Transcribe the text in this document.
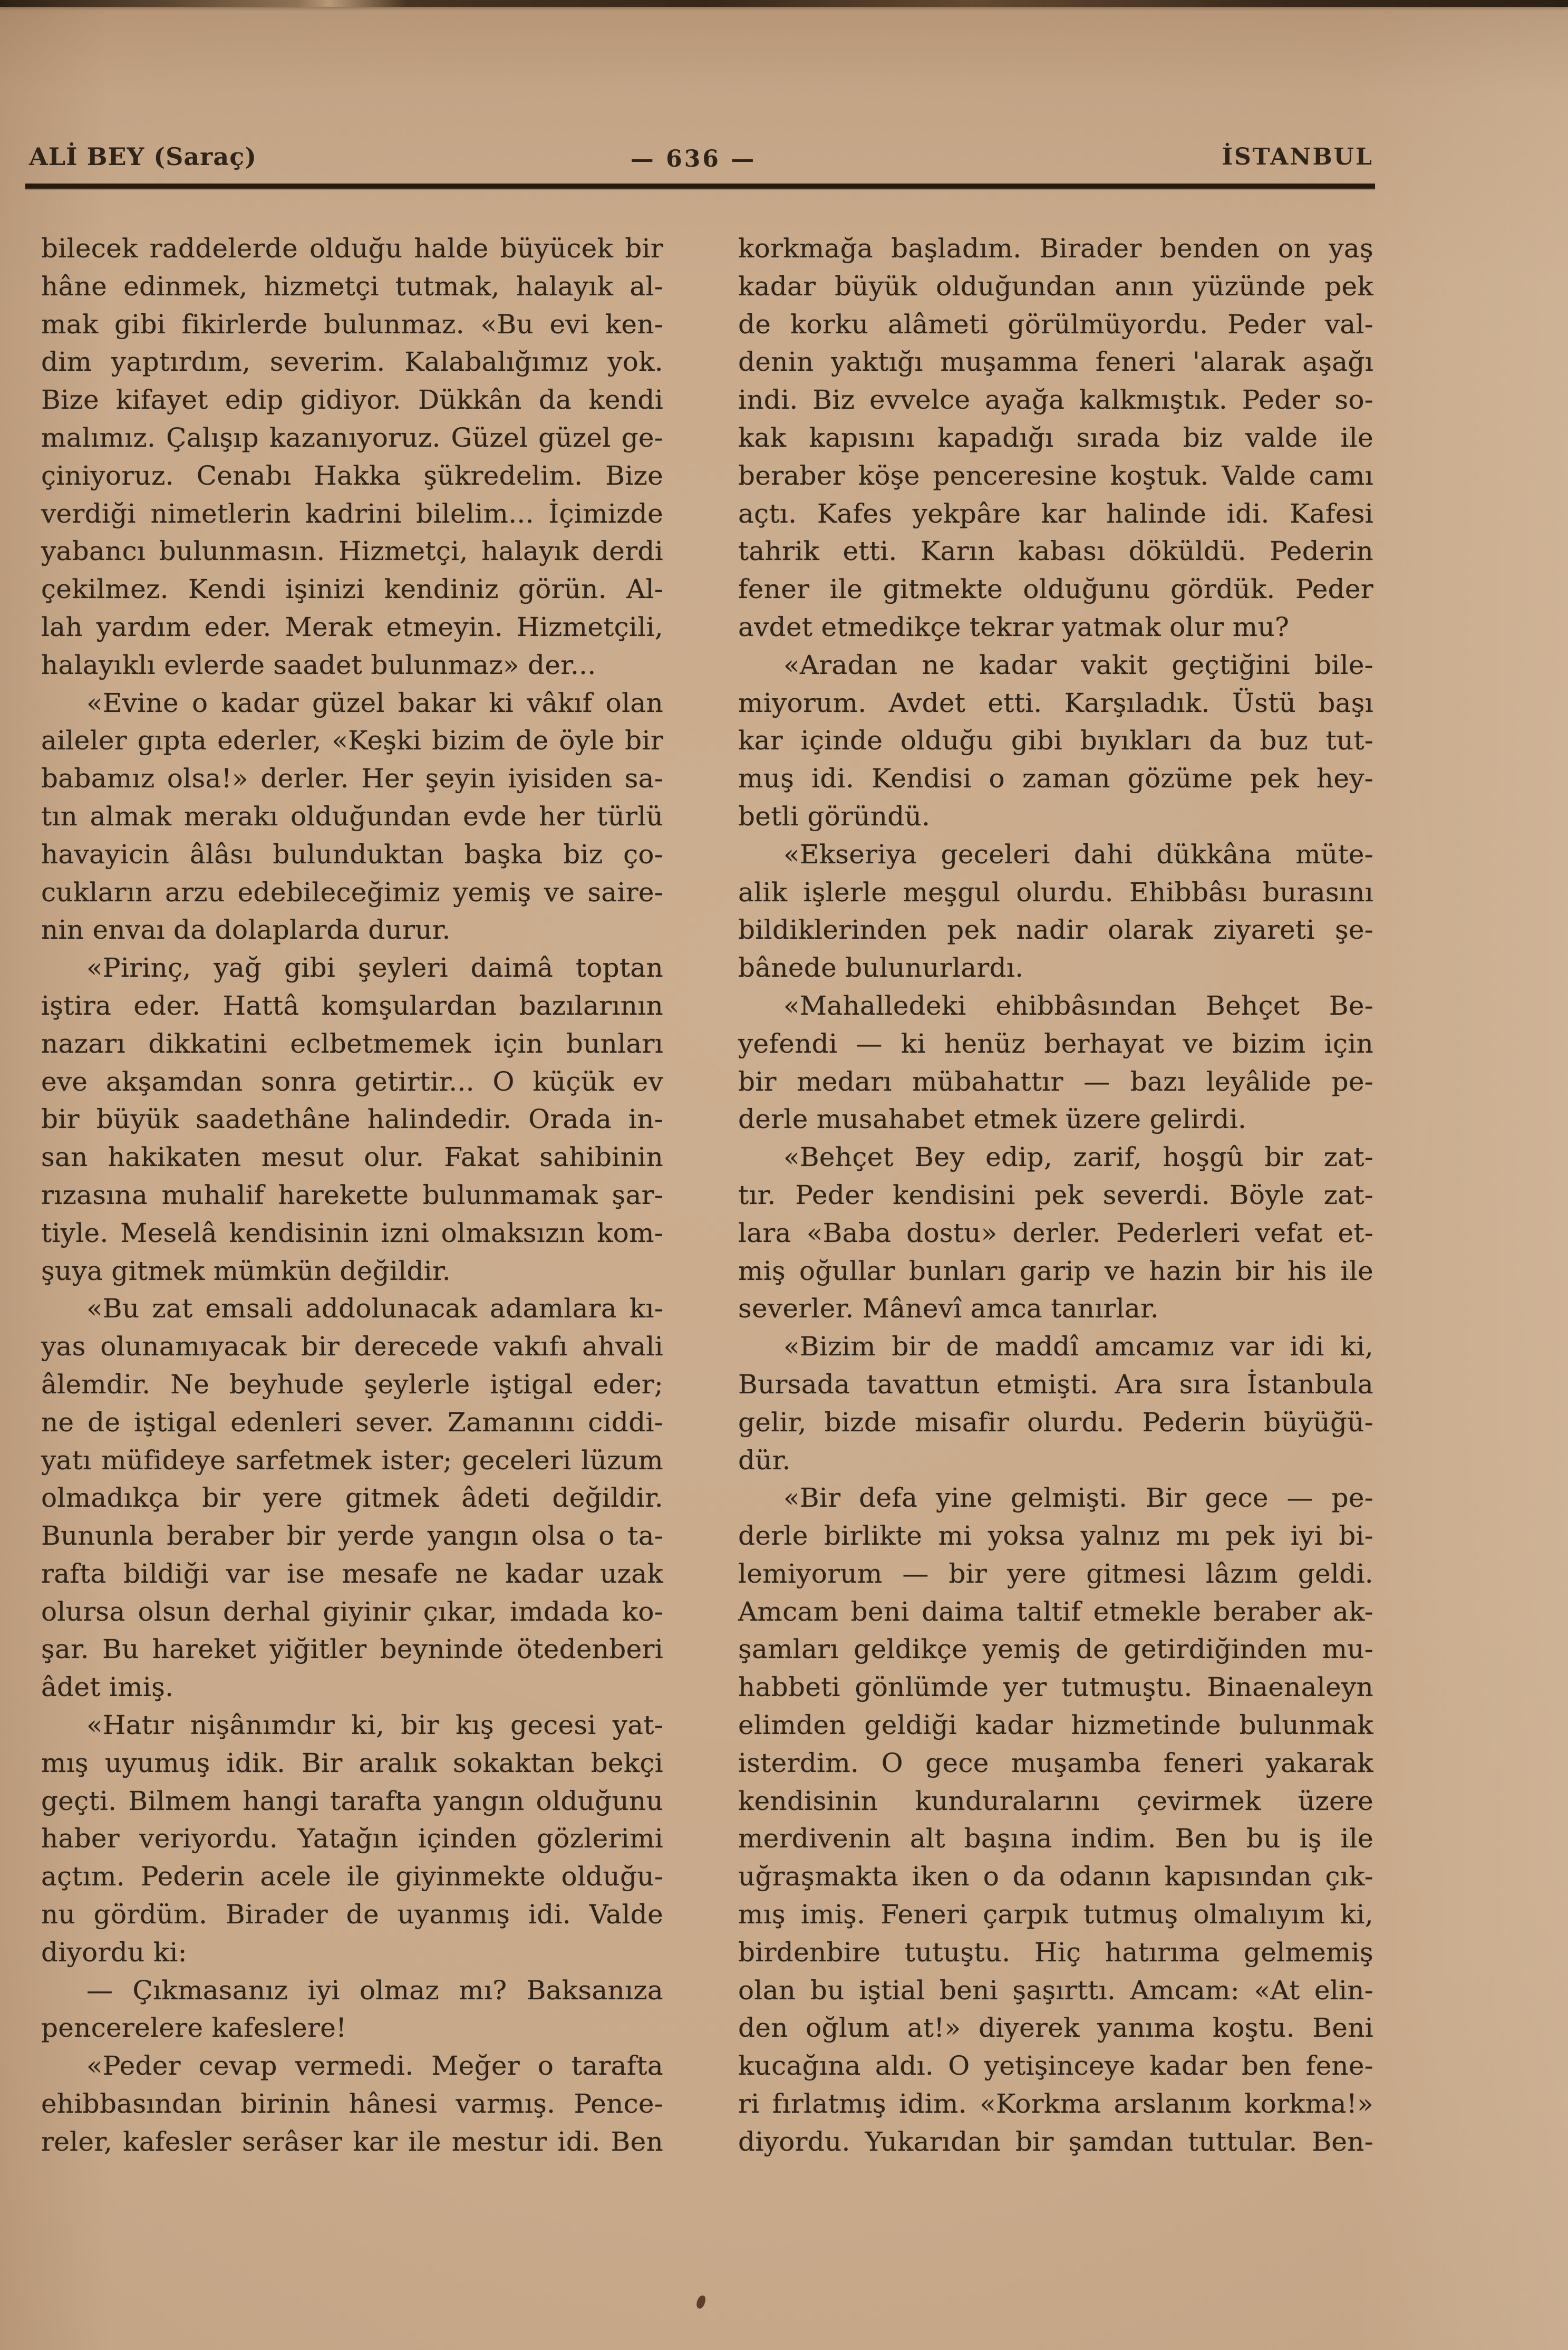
ALİ BEY (Saraç)	— 636 —	İSTANBUL
bilecek raddelerde olduğu halde büyücek bir
hâne edinmek, hizmetçi tutmak, halayık al-
mak gibi fikirlerde bulunmaz. «Bu evi ken-
dim yaptırdım, severim. Kalabalığımız yok.
Bize kifayet edip gidiyor. Dükkân da kendi
malımız. Çalışıp kazanıyoruz. Güzel güzel ge-
çiniyoruz. Cenabı Hakka şükredelim. Bize
verdiği nimetlerin kadrini bilelim... İçimizde
yabancı bulunmasın. Hizmetçi, halayık derdi
çekilmez. Kendi işinizi kendiniz görün. Al-
lah yardım eder. Merak etmeyin. Hizmetçili,
halayıklı evlerde saadet bulunmaz» der...
«Evine o kadar güzel bakar ki vâkıf olan
aileler gıpta ederler, «Keşki bizim de öyle bir
babamız olsa!» derler. Her şeyin iyisiden sa-
tın almak merakı olduğundan evde her türlü
havayicin âlâsı bulunduktan başka biz ço-
cukların arzu edebileceğimiz yemiş ve saire-
nin envaı da dolaplarda durur.
«Pirinç, yağ gibi şeyleri daimâ toptan
iştira eder. Hattâ komşulardan bazılarının
nazarı dikkatini eclbetmemek için bunları
eve akşamdan sonra getirtir... O küçük ev
bir büyük saadethâne halindedir. Orada in-
san hakikaten mesut olur. Fakat sahibinin
rızasına muhalif harekette bulunmamak şar-
tiyle. Meselâ kendisinin izni olmaksızın kom-
şuya gitmek mümkün değildir.
«Bu zat emsali addolunacak adamlara kı-
yas olunamıyacak bir derecede vakıfı ahvali
âlemdir. Ne beyhude şeylerle iştigal eder;
ne de iştigal edenleri sever. Zamanını ciddi-
yatı müfideye sarfetmek ister; geceleri lüzum
olmadıkça bir yere gitmek âdeti değildir.
Bununla beraber bir yerde yangın olsa o ta-
rafta bildiği var ise mesafe ne kadar uzak
olursa olsun derhal giyinir çıkar, imdada ko-
şar. Bu hareket yiğitler beyninde ötedenberi
âdet imiş.
«Hatır nişânımdır ki, bir kış gecesi yat-
mış uyumuş idik. Bir aralık sokaktan bekçi
geçti. Bilmem hangi tarafta yangın olduğunu
haber veriyordu. Yatağın içinden gözlerimi
açtım. Pederin acele ile giyinmekte olduğu-
nu gördüm. Birader de uyanmış idi. Valde
diyordu ki:
— Çıkmasanız iyi olmaz mı? Baksanıza
pencerelere kafeslere!
«Peder cevap vermedi. Meğer o tarafta
ehibbasından birinin hânesi varmış. Pence-
reler, kafesler serâser kar ile mestur idi. Ben
korkmağa başladım. Birader benden on yaş
kadar büyük olduğundan anın yüzünde pek
de korku alâmeti görülmüyordu. Peder val-
denin yaktığı muşamma feneri 'alarak aşağı
indi. Biz evvelce ayağa kalkmıştık. Peder so-
kak kapısını kapadığı sırada biz valde ile
beraber köşe penceresine koştuk. Valde camı
açtı. Kafes yekpâre kar halinde idi. Kafesi
tahrik etti. Karın kabası döküldü. Pederin
fener ile gitmekte olduğunu gördük. Peder
avdet etmedikçe tekrar yatmak olur mu?
«Aradan ne kadar vakit geçtiğini bile-
miyorum. Avdet etti. Karşıladık. Üstü başı
kar içinde olduğu gibi bıyıkları da buz tut-
muş idi. Kendisi o zaman gözüme pek hey-
betli göründü.
«Ekseriya geceleri dahi dükkâna müte-
alik işlerle meşgul olurdu. Ehibbâsı burasını
bildiklerinden pek nadir olarak ziyareti şe-
bânede bulunurlardı.
«Mahalledeki ehibbâsından Behçet Be-
yefendi — ki henüz berhayat ve bizim için
bir medarı mübahattır — bazı leyâlide pe-
derle musahabet etmek üzere gelirdi.
«Behçet Bey edip, zarif, hoşgû bir zat-
tır. Peder kendisini pek severdi. Böyle zat-
lara «Baba dostu» derler. Pederleri vefat et-
miş oğullar bunları garip ve hazin bir his ile
severler. Mânevî amca tanırlar.
«Bizim bir de maddî amcamız var idi ki,
Bursada tavattun etmişti. Ara sıra İstanbula
gelir, bizde misafir olurdu. Pederin büyüğü-
dür.
«Bir defa yine gelmişti. Bir gece — pe-
derle birlikte mi yoksa yalnız mı pek iyi bi-
lemiyorum — bir yere gitmesi lâzım geldi.
Amcam beni daima taltif etmekle beraber ak-
şamları geldikçe yemiş de getirdiğinden mu-
habbeti gönlümde yer tutmuştu. Binaenaleyn
elimden geldiği kadar hizmetinde bulunmak
isterdim. O gece muşamba feneri yakarak
kendisinin kunduralarını çevirmek üzere
merdivenin alt başına indim. Ben bu iş ile
uğraşmakta iken o da odanın kapısından çık-
mış imiş. Feneri çarpık tutmuş olmalıyım ki,
birdenbire tutuştu. Hiç hatırıma gelmemiş
olan bu iştial beni şaşırttı. Amcam: «At elin-
den oğlum at!» diyerek yanıma koştu. Beni
kucağına aldı. O yetişinceye kadar ben fene-
ri fırlatmış idim. «Korkma arslanım korkma!»
diyordu. Yukarıdan bir şamdan tuttular. Ben-
